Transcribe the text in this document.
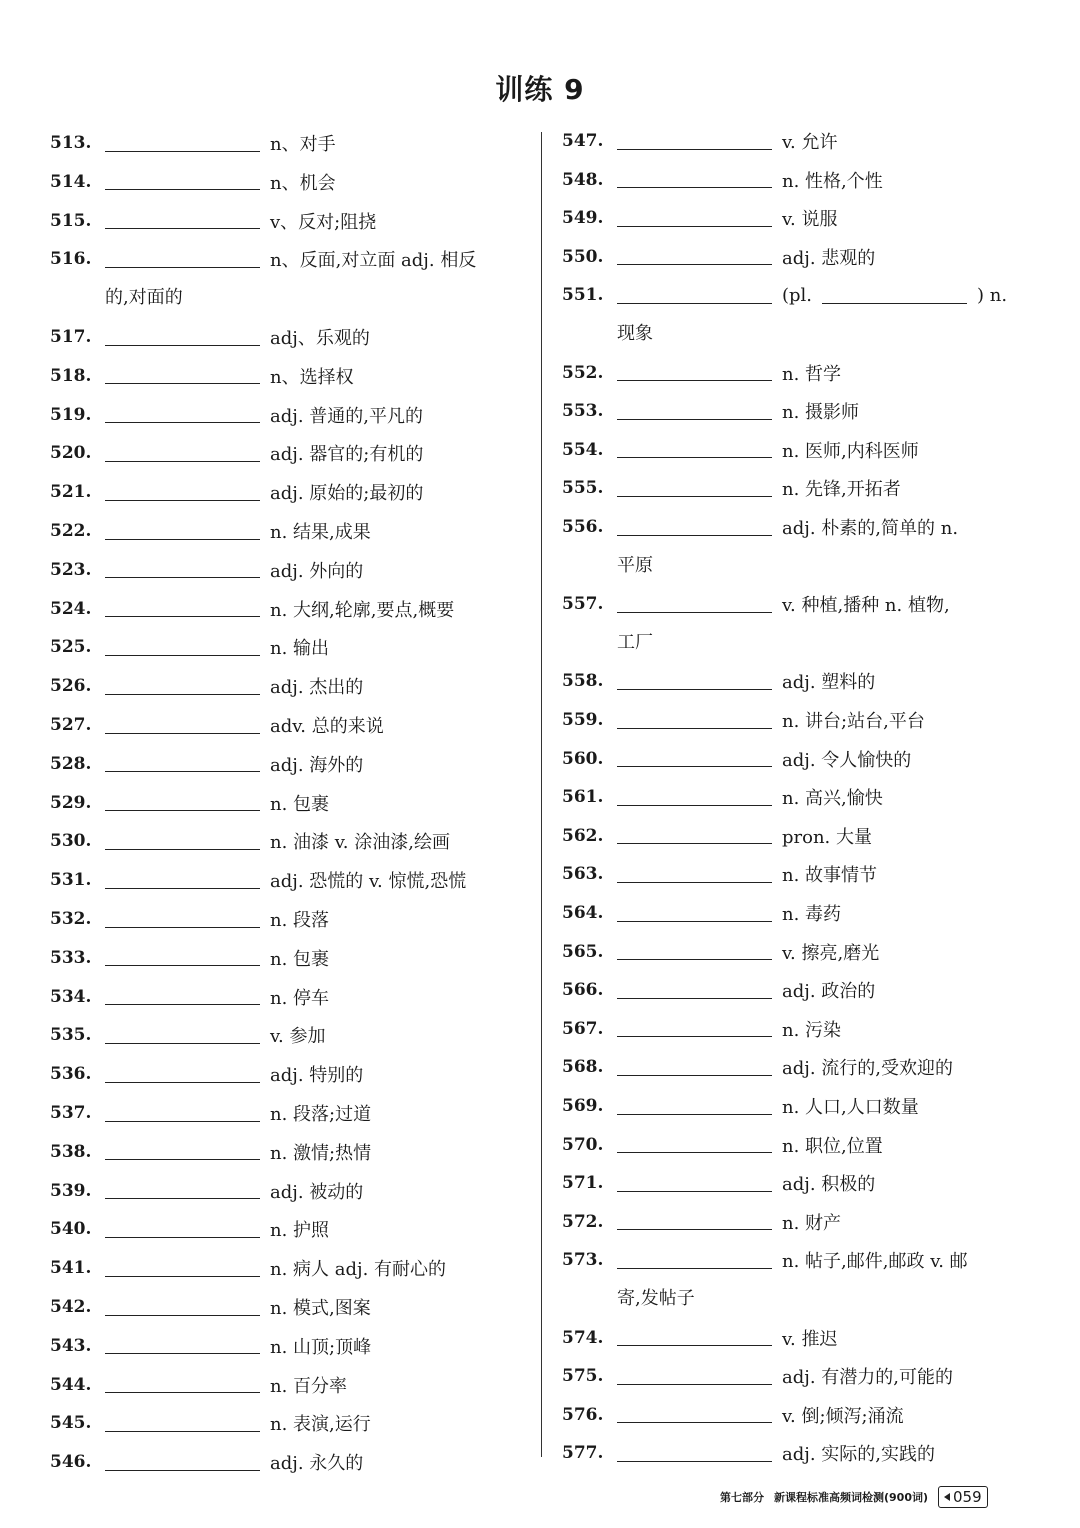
训练 9
513.	n、对手
514.	n、机会
515.	v、反对;阻挠
516.	n、反面,对立面 adj. 相反
的,对面的
517.	adj、乐观的
518.	n、选择权
519.	adj. 普通的,平凡的
520.	adj. 器官的;有机的
521.	adj. 原始的;最初的
522.	n. 结果,成果
523.	adj. 外向的
524.	n. 大纲,轮廓,要点,概要
525.	n. 输出
526.	adj. 杰出的
527.	adv. 总的来说
528.	adj. 海外的
529.	n. 包裹
530.	n. 油漆 v. 涂油漆,绘画
531.	adj. 恐慌的 v. 惊慌,恐慌
532.	n. 段落
533.	n. 包裹
534.	n. 停车
535.	v. 参加
536.	adj. 特别的
537.	n. 段落;过道
538.	n. 激情;热情
539.	adj. 被动的
540.	n. 护照
541.	n. 病人 adj. 有耐心的
542.	n. 模式,图案
543.	n. 山顶;顶峰
544.	n. 百分率
545.	n. 表演,运行
546.	adj. 永久的
547.	v. 允许
548.	n. 性格,个性
549.	v. 说服
550.	adj. 悲观的
551.	(pl.	) n.
现象
552.	n. 哲学
553.	n. 摄影师
554.	n. 医师,内科医师
555.	n. 先锋,开拓者
556.	adj. 朴素的,简单的 n.
平原
557.	v. 种植,播种 n. 植物,
工厂
558.	adj. 塑料的
559.	n. 讲台;站台,平台
560.	adj. 令人愉快的
561.	n. 高兴,愉快
562.	pron. 大量
563.	n. 故事情节
564.	n. 毒药
565.	v. 擦亮,磨光
566.	adj. 政治的
567.	n. 污染
568.	adj. 流行的,受欢迎的
569.	n. 人口,人口数量
570.	n. 职位,位置
571.	adj. 积极的
572.	n. 财产
573.	n. 帖子,邮件,邮政 v. 邮
寄,发帖子
574.	v. 推迟
575.	adj. 有潜力的,可能的
576.	v. 倒;倾泻;涌流
577.	adj. 实际的,实践的
第七部分 新课程标准高频词检测(900词) 059
